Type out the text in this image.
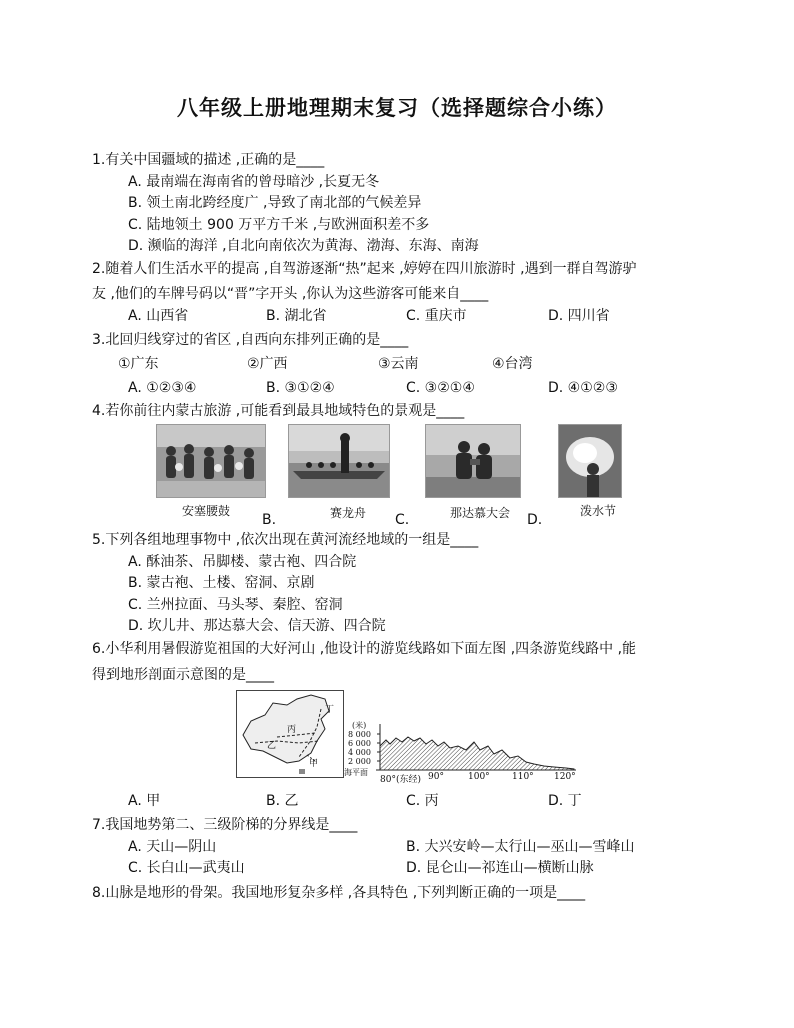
八年级上册地理期末复习（选择题综合小练）
1.有关中国疆域的描述 ,正确的是____
A. 最南端在海南省的曾母暗沙 ,长夏无冬
B. 领土南北跨经度广 ,导致了南北部的气候差异
C. 陆地领土 900 万平方千米 ,与欧洲面积差不多
D. 濒临的海洋 ,自北向南依次为黄海、渤海、东海、南海
2.随着人们生活水平的提高 ,自驾游逐渐“热”起来 ,婷婷在四川旅游时 ,遇到一群自驾游驴
友 ,他们的车牌号码以“晋”字开头 ,你认为这些游客可能来自____
A. 山西省	B. 湖北省	C. 重庆市	D. 四川省
3.北回归线穿过的省区 ,自西向东排列正确的是____
①广东	②广西	③云南	④台湾
A. ①②③④	B. ③①②④	C. ③②①④	D. ④①②③
4.若你前往内蒙古旅游 ,可能看到最具地域特色的景观是____
安塞腰鼓	赛龙舟	那达慕大会	泼水节
B.	C.	D.
5.下列各组地理事物中 ,依次出现在黄河流经地域的一组是____
A. 酥油茶、吊脚楼、蒙古袍、四合院
B. 蒙古袍、土楼、窑洞、京剧
C. 兰州拉面、马头琴、秦腔、窑洞
D. 坎儿井、那达慕大会、信天游、四合院
6.小华利用暑假游览祖国的大好河山 ,他设计的游览线路如下面左图 ,四条游览线路中 ,能
得到地形剖面示意图的是____
丁
丙
乙
甲
(米)
8 000
6 000
4 000
2 000
海平面
80°(东经) 90°	100° 110° 120°
A. 甲	B. 乙	C. 丙	D. 丁
7.我国地势第二、三级阶梯的分界线是____
A. 天山—阴山	B. 大兴安岭—太行山—巫山—雪峰山
C. 长白山—武夷山	D. 昆仑山—祁连山—横断山脉
8.山脉是地形的骨架。我国地形复杂多样 ,各具特色 ,下列判断正确的一项是____
